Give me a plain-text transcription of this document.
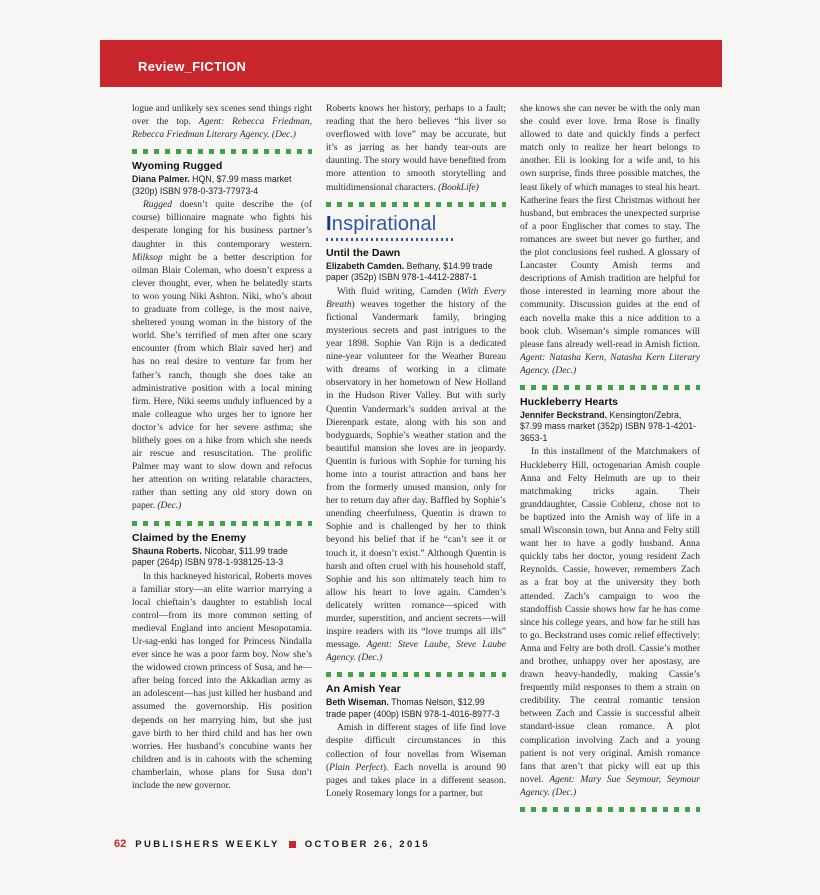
Review_FICTION

logue and unlikely sex scenes send things right over the top. Agent: Rebecca Friedman, Rebecca Friedman Literary Agency. (Dec.)

Wyoming Rugged

Diana Palmer. HQN, $7.99 mass market (320p) ISBN 978-0-373-77973-4

Rugged doesn’t quite describe the (of course) billionaire magnate who fights his desperate longing for his business partner’s daughter in this contemporary western. Milksop might be a better description for oilman Blair Coleman, who doesn’t express a clever thought, ever, when he belatedly starts to woo young Niki Ashton. Niki, who’s about to graduate from college, is the most naive, sheltered young woman in the history of the world. She’s terrified of men after one scary encounter (from which Blair saved her) and has no real desire to venture far from her father’s ranch, though she does take an administrative position with a local mining firm. Here, Niki seems unduly influenced by a male colleague who urges her to ignore her doctor’s advice for her severe asthma; she blithely goes on a hike from which she needs air rescue and resuscitation. The prolific Palmer may want to slow down and refocus her attention on writing relatable characters, rather than setting any old story down on paper. (Dec.)

Claimed by the Enemy

Shauna Roberts. Nicobar, $11.99 trade paper (264p) ISBN 978-1-938125-13-3

In this hackneyed historical, Roberts moves a familiar story—an elite warrior marrying a local chieftain’s daughter to establish local control—from its more common setting of medieval England into ancient Mesopotamia. Ur-sag-enki has longed for Princess Nindalla ever since he was a poor farm boy. Now she’s the widowed crown princess of Susa, and he—after being forced into the Akkadian army as an adolescent—has just killed her husband and assumed the governorship. His position depends on her marrying him, but she just gave birth to her third child and has her own worries. Her husband’s concubine wants her children and is in cahoots with the scheming chamberlain, whose plans for Susa don’t include the new governor.

Roberts knows her history, perhaps to a fault; reading that the hero believes “his liver so overflowed with love” may be accurate, but it’s as jarring as her handy tear-outs are daunting. The story would have benefited from more attention to smooth storytelling and multidimensional characters. (BookLife)

Inspirational
Until the Dawn

Elizabeth Camden. Bethany, $14.99 trade paper (352p) ISBN 978-1-4412-2887-1

With fluid writing, Camden (With Every Breath) weaves together the history of the fictional Vandermark family, bringing mysterious secrets and past intrigues to the year 1898. Sophie Van Rijn is a dedicated nine-year volunteer for the Weather Bureau with dreams of working in a climate observatory in her hometown of New Holland in the Hudson River Valley. But with surly Quentin Vandermark’s sudden arrival at the Dierenpark estate, along with his son and bodyguards, Sophie’s weather station and the beautiful mansion she loves are in jeopardy. Quentin is furious with Sophie for turning his home into a tourist attraction and bans her from the formerly unused mansion, only for her to return day after day. Baffled by Sophie’s unending cheerfulness, Quentin is drawn to Sophie and is challenged by her to think beyond his belief that if he “can’t see it or touch it, it doesn’t exist.” Although Quentin is harsh and often cruel with his household staff, Sophie and his son ultimately teach him to allow his heart to love again. Camden’s delicately written romance—spiced with murder, superstition, and ancient secrets—will inspire readers with its “love trumps all ills” message. Agent: Steve Laube, Steve Laube Agency. (Dec.)

An Amish Year

Beth Wiseman. Thomas Nelson, $12.99 trade paper (400p) ISBN 978-1-4016-8977-3

Amish in different stages of life find love despite difficult circumstances in this collection of four novellas from Wiseman (Plain Perfect). Each novella is around 90 pages and takes place in a different season. Lonely Rosemary longs for a partner, but

she knows she can never be with the only man she could ever love. Irma Rose is finally allowed to date and quickly finds a perfect match only to realize her heart belongs to another. Eli is looking for a wife and, to his own surprise, finds three possible matches, the least likely of which manages to steal his heart. Katherine fears the first Christmas without her husband, but embraces the unexpected surprise of a poor Englischer that comes to stay. The romances are sweet but never go further, and the plot conclusions feel rushed. A glossary of Lancaster County Amish terms and descriptions of Amish tradition are helpful for those interested in learning more about the community. Discussion guides at the end of each novella make this a nice addition to a book club. Wiseman’s simple romances will please fans already well-read in Amish fiction. Agent: Natasha Kern, Natasha Kern Literary Agency. (Dec.)

Huckleberry Hearts

Jennifer Beckstrand. Kensington/Zebra, $7.99 mass market (352p) ISBN 978-1-4201-3653-1

In this installment of the Matchmakers of Huckleberry Hill, octogenarian Amish couple Anna and Felty Helmuth are up to their matchmaking tricks again. Their granddaughter, Cassie Coblenz, chose not to be baptized into the Amish way of life in a small Wisconsin town, but Anna and Felty still want her to have a godly husband. Anna quickly tabs her doctor, young resident Zach Reynolds. Cassie, however, remembers Zach as a frat boy at the university they both attended. Zach’s campaign to woo the standoffish Cassie shows how far he has come since his college years, and how far he still has to go. Beckstrand uses comic relief effectively: Anna and Felty are both droll. Cassie’s mother and brother, unhappy over her apostasy, are drawn heavy-handedly, making Cassie’s frequently mild responses to them a strain on credibility. The central romantic tension between Zach and Cassie is successful albeit standard-issue clean romance. A plot complication involving Zach and a young patient is not very original. Amish romance fans that aren’t that picky will eat up this novel. Agent: Mary Sue Seymour, Seymour Agency. (Dec.)

62 PUBLISHERS WEEKLY	OCTOBER 26, 2015
